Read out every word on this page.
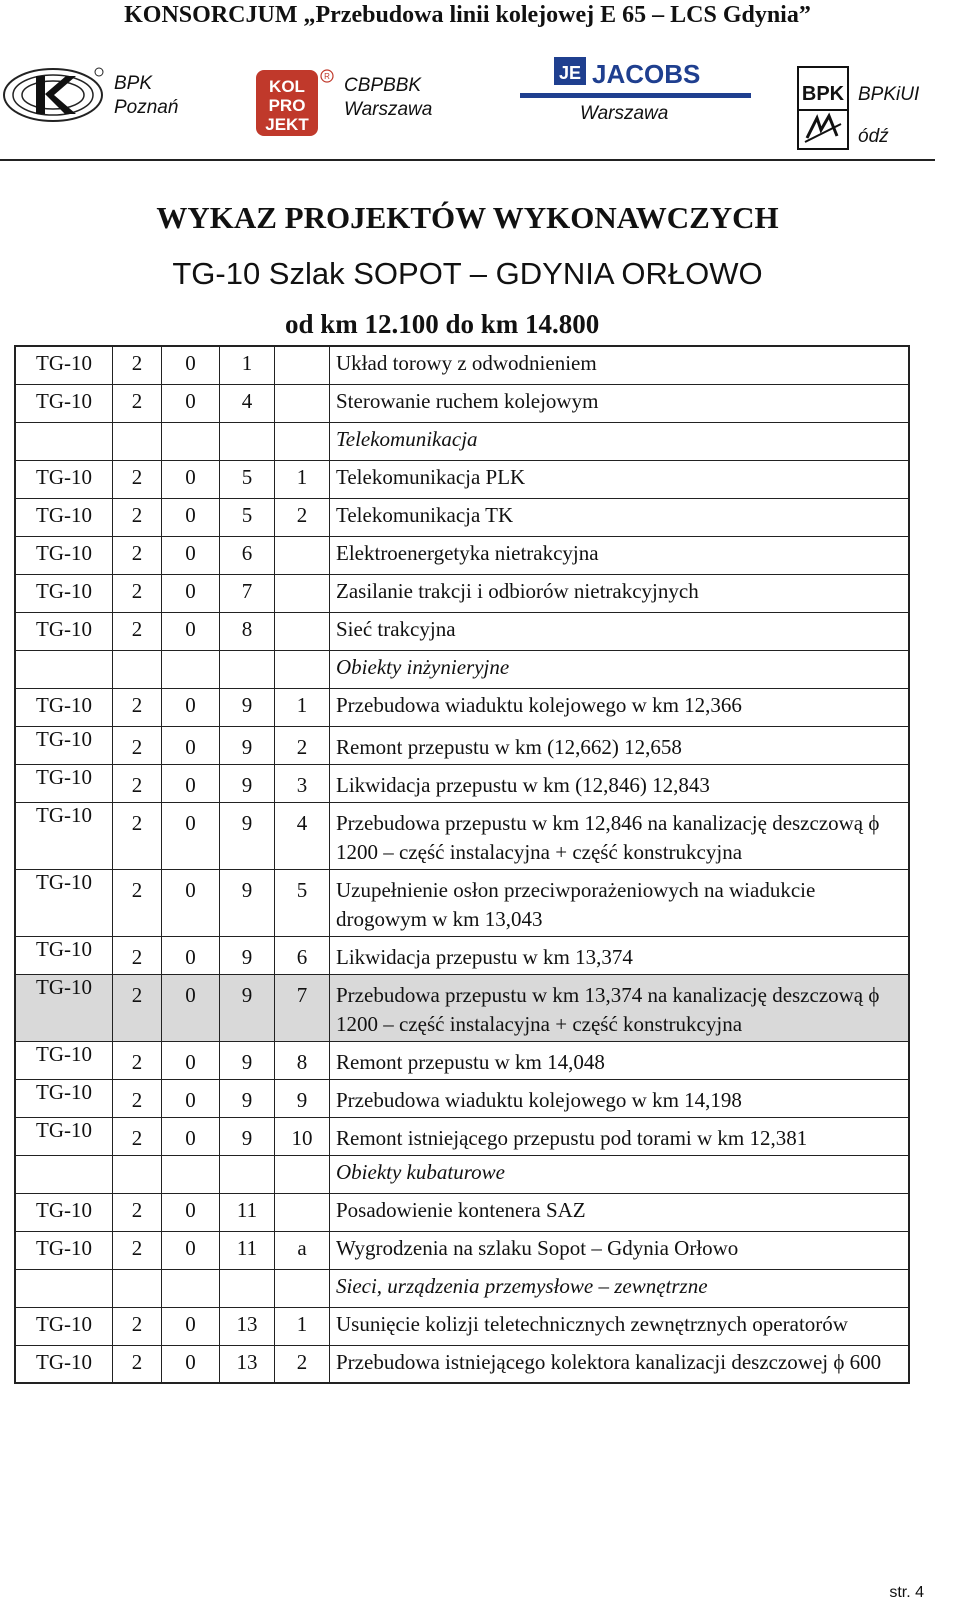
KONSORCJUM „Przebudowa linii kolejowej E 65 – LCS Gdynia”
BPK
Poznań
KOL
PRO
JEKT
R CBPBBK
Warszawa
JE JACOBS
Warszawa
BPK BPKiUI
ódź
WYKAZ PROJEKTÓW WYKONAWCZYCH
TG-10 Szlak SOPOT – GDYNIA ORŁOWO
od km 12.100 do km 14.800
TG-10	2	0	1		Układ torowy z odwodnieniem
TG-10	2	0	4		Sterowanie ruchem kolejowym
					Telekomunikacja
TG-10	2	0	5	1	Telekomunikacja PLK
TG-10	2	0	5	2	Telekomunikacja TK
TG-10	2	0	6		Elektroenergetyka nietrakcyjna
TG-10	2	0	7		Zasilanie trakcji i odbiorów nietrakcyjnych
TG-10	2	0	8		Sieć trakcyjna
					Obiekty inżynieryjne
TG-10	2	0	9	1	Przebudowa wiaduktu kolejowego w km 12,366
TG-10	2	0	9	2	Remont przepustu w km (12,662) 12,658
TG-10	2	0	9	3	Likwidacja przepustu w km (12,846) 12,843
TG-10	2	0	9	4	Przebudowa przepustu w km 12,846 na kanalizację deszczową ϕ 1200 – część instalacyjna + część konstrukcyjna
TG-10	2	0	9	5	Uzupełnienie osłon przeciwporażeniowych na wiadukcie drogowym w km 13,043
TG-10	2	0	9	6	Likwidacja przepustu w km 13,374
TG-10	2	0	9	7	Przebudowa przepustu w km 13,374 na kanalizację deszczową ϕ 1200 – część instalacyjna + część konstrukcyjna
TG-10	2	0	9	8	Remont przepustu w km 14,048
TG-10	2	0	9	9	Przebudowa wiaduktu kolejowego w km 14,198
TG-10	2	0	9	10	Remont istniejącego przepustu pod torami w km 12,381
					Obiekty kubaturowe
TG-10	2	0	11		Posadowienie kontenera SAZ
TG-10	2	0	11	a	Wygrodzenia na szlaku Sopot – Gdynia Orłowo
					Sieci, urządzenia przemysłowe – zewnętrzne
TG-10	2	0	13	1	Usunięcie kolizji teletechnicznych zewnętrznych operatorów
TG-10	2	0	13	2	Przebudowa istniejącego kolektora kanalizacji deszczowej ϕ 600
str. 4
